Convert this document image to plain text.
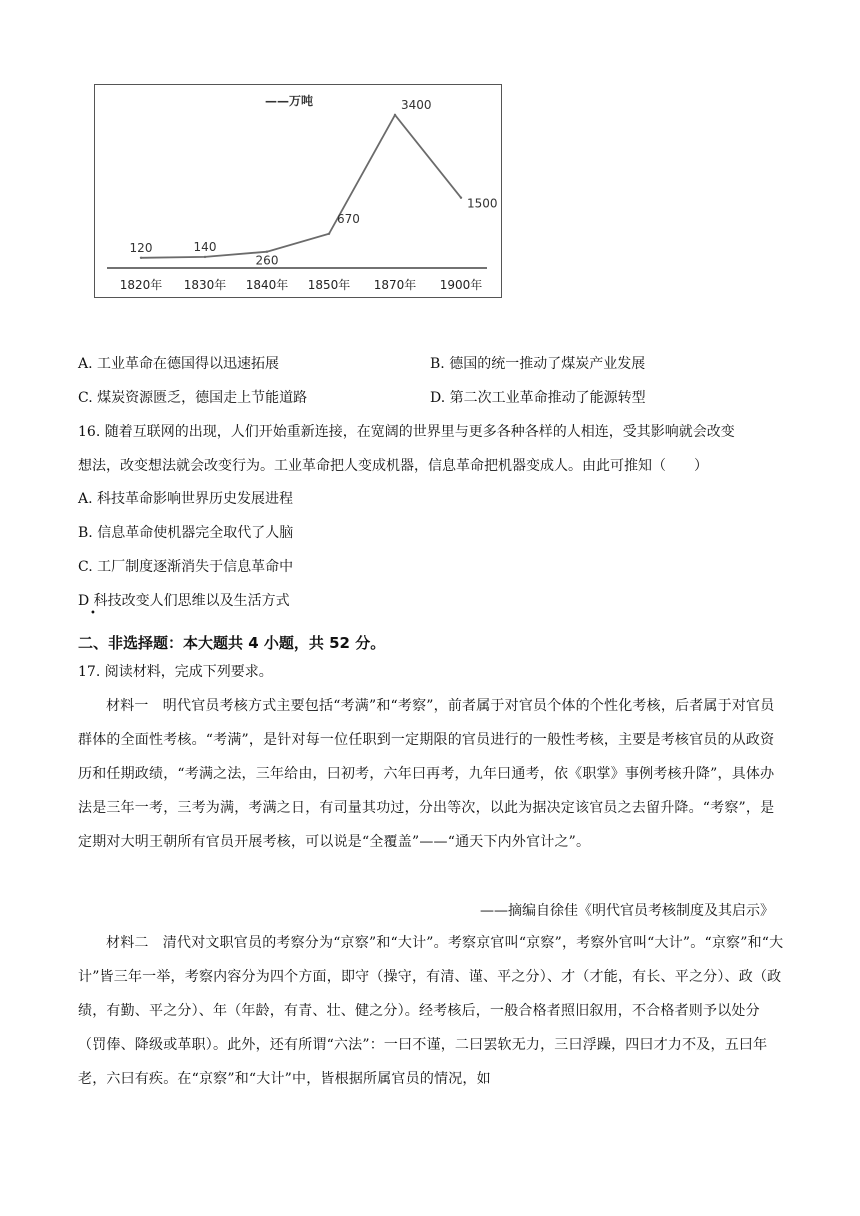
120	140
260
670
3400
1500
1820年 1830年 1840年 1850年 1870年 1900年
——万吨
A. 工业革命在德国得以迅速拓展	B. 德国的统一推动了煤炭产业发展
C. 煤炭资源匮乏，德国走上节能道路	D. 第二次工业革命推动了能源转型
16. 随着互联网的出现，人们开始重新连接，在宽阔的世界里与更多各种各样的人相连，受其影响就会改变
想法，改变想法就会改变行为。工业革命把人变成机器，信息革命把机器变成人。由此可推知（　　）
A. 科技革命影响世界历史发展进程
B. 信息革命使机器完全取代了人脑
C. 工厂制度逐渐消失于信息革命中
D 科技改变人们思维以及生活方式
•
二、非选择题：本大题共 4 小题，共 52 分。
17. 阅读材料，完成下列要求。
材料一　明代官员考核方式主要包括“考满”和“考察”，前者属于对官员个体的个性化考核，后者属于对官员群体的全面性考核。“考满”，是针对每一位任职到一定期限的官员进行的一般性考核，主要是考核官员的从政资历和任期政绩，“考满之法，三年给由，曰初考，六年曰再考，九年曰通考，依《职掌》事例考核升降”，具体办法是三年一考，三考为满，考满之日，有司量其功过，分出等次，以此为据决定该官员之去留升降。“考察”，是定期对大明王朝所有官员开展考核，可以说是“全覆盖”——“通天下内外官计之”。
——摘编自徐佳《明代官员考核制度及其启示》
材料二　清代对文职官员的考察分为“京察”和“大计”。考察京官叫“京察”，考察外官叫“大计”。“京察”和“大计”皆三年一举，考察内容分为四个方面，即守（操守，有清、谨、平之分）、才（才能，有长、平之分）、政（政绩，有勤、平之分）、年（年龄，有青、壮、健之分）。经考核后，一般合格者照旧叙用，不合格者则予以处分（罚俸、降级或革职）。此外，还有所谓“六法”：一曰不谨，二曰罢软无力，三曰浮躁，四曰才力不及，五曰年老，六曰有疾。在“京察”和“大计”中，皆根据所属官员的情况，如
